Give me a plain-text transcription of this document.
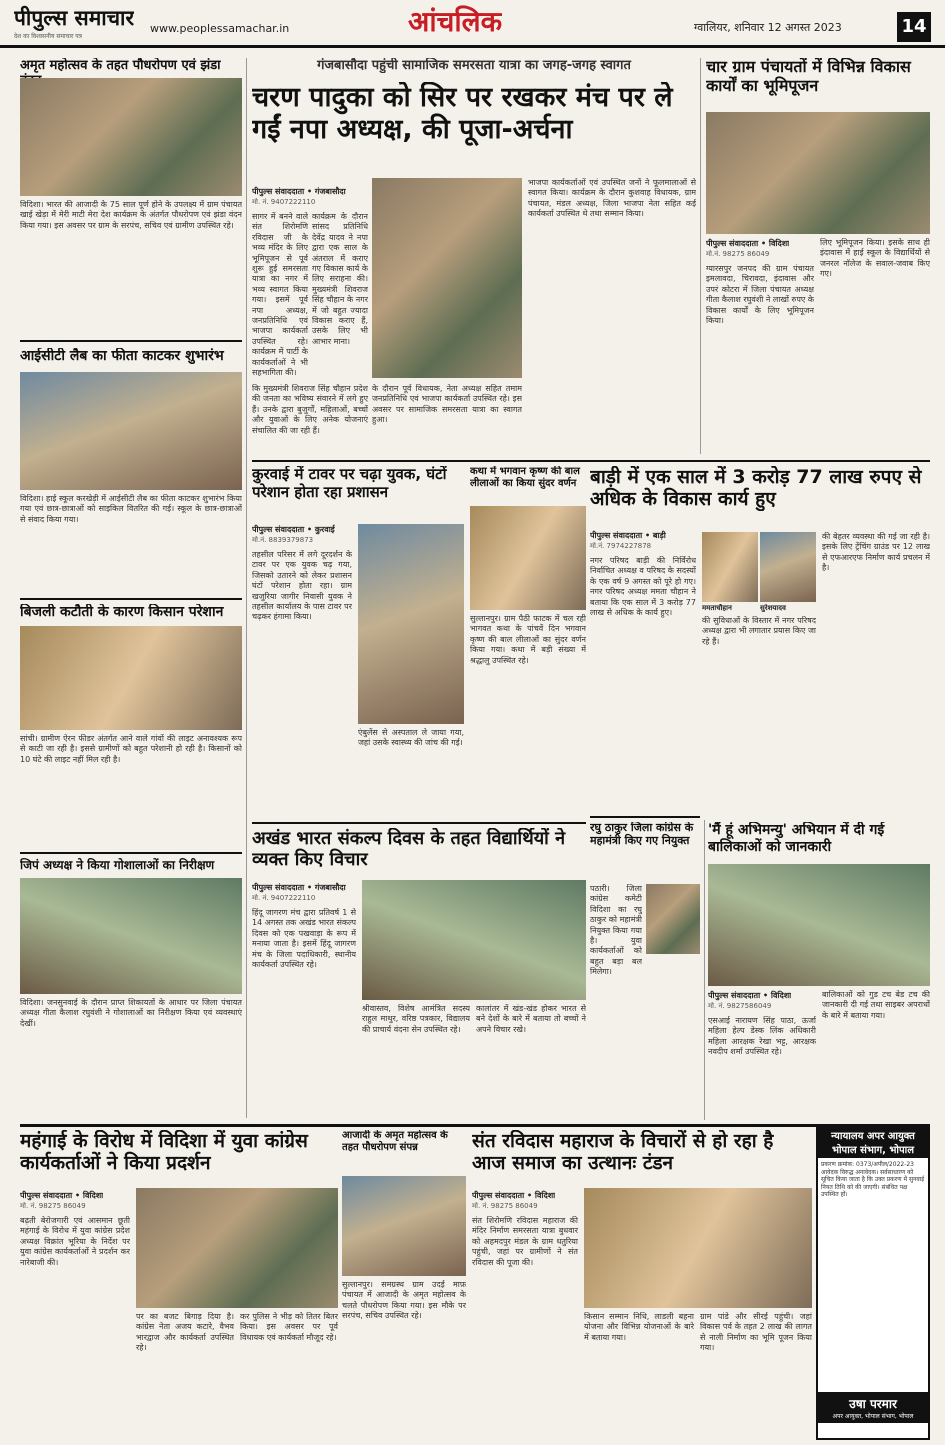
पीपुल्स समाचार
देश का विश्वसनीय समाचार पत्र
www.peoplessamachar.in	आंचलिक	ग्वालियर, शनिवार 12 अगस्त 2023	14
अमृत महोत्सव के तहत पौधरोपण एवं झंडा
विदिशा। भारत की आजादी के 75 साल पूर्ण होने के उपलक्ष्य में ग्राम पंचायत खाई खेड़ा में मेरी माटी मेरा देश कार्यक्रम के अंतर्गत पौधरोपण एवं झंडा वंदन किया गया। इस अवसर पर ग्राम के सरपंच, सचिव एवं ग्रामीण उपस्थित रहे।
आईसीटी लैब का फीता काटकर शुभारंभ
विदिशा। हाई स्कूल करखेड़ी में आईसीटी लैब का फीता काटकर शुभारंभ किया गया एवं छात्र-छात्राओं को साइकिल वितरित की गई। स्कूल के छात्र-छात्राओं से संवाद किया गया।
बिजली कटौती के कारण किसान परेशान
सांची। ग्रामीण ऐरन फीडर अंतर्गत आने वाले गांवों की लाइट अनावश्यक रूप से काटी जा रही है। इससे ग्रामीणों को बहुत परेशानी हो रही है। किसानों को 10 घंटे की लाइट नहीं मिल रही है।
जिपं अध्यक्ष ने किया गोशालाओं का निरीक्षण
विदिशा। जनसुनवाई के दौरान प्राप्त शिकायतों के आधार पर जिला पंचायत अध्यक्ष गीता कैलाश रघुवंशी ने गोशालाओं का निरीक्षण किया एवं व्यवस्थाएं देखीं।
गंजबासौदा पहुंची सामाजिक समरसता यात्रा का जगह-जगह स्वागत
चरण पादुका को सिर पर रखकर मंच पर ले गईं नपा अध्यक्ष, की पूजा-अर्चना
पीपुल्स संवाददाता • गंजबासौदा
मो. नं. 9407222110
सागर में बनने वाले संत शिरोमणि रविदास जी के भव्य मंदिर के लिए भूमिपूजन से पूर्व शुरू हुई समरसता यात्रा का नगर में भव्य स्वागत किया गया। इसमें पूर्व नपा अध्यक्ष, जनप्रतिनिधि एवं भाजपा कार्यकर्ता उपस्थित रहे। कार्यक्रम में पार्टी के कार्यकर्ताओं ने भी सहभागिता की।
कार्यक्रम के दौरान सांसद प्रतिनिधि देवेंद्र यादव ने नपा द्वारा एक साल के अंतराल में कराए गए विकास कार्य के लिए सराहना की। मुख्यमंत्री शिवराज सिंह चौहान के नगर में जो बहुत ज्यादा विकास कराए हैं, उसके लिए भी आभार माना।
कि मुख्यमंत्री शिवराज सिंह चौहान प्रदेश की जनता का भविष्य संवारने में लगे हुए हैं। उनके द्वारा बुजुर्गों, महिलाओं, बच्चों और युवाओं के लिए अनेक योजनाएं संचालित की जा रही हैं।
के दौरान पूर्व विधायक, नेता अध्यक्ष सहित तमाम जनप्रतिनिधि एवं भाजपा कार्यकर्ता उपस्थित रहे। इस अवसर पर सामाजिक समरसता यात्रा का स्वागत हुआ।
भाजपा कार्यकर्ताओं एवं उपस्थित जनों ने फूलमालाओं से स्वागत किया। कार्यक्रम के दौरान कुशवाह विधायक, ग्राम पंचायत, मंडल अध्यक्ष, जिला भाजपा नेता सहित कई कार्यकर्ता उपस्थित थे तथा सम्मान किया।
कुरवाई में टावर पर चढ़ा युवक, घंटों परेशान होता रहा प्रशासन
पीपुल्स संवाददाता • कुरवाई
मो.नं. 8839379873
तहसील परिसर में लगे दूरदर्शन के टावर पर एक युवक चढ़ गया, जिसको उतारने को लेकर प्रशासन घंटों परेशान होता रहा। ग्राम खजुरिया जागीर निवासी युवक ने तहसील कार्यालय के पास टावर पर चढ़कर हंगामा किया।
एंबुलेंस से अस्पताल ले जाया गया, जहां उसके स्वास्थ्य की जांच की गई।
कथा में भगवान कृष्ण की बाल लीलाओं का किया सुंदर वर्णन
सुल्तानपुर। ग्राम पैठी फाटक में चल रही भागवत कथा के पांचवें दिन भगवान कृष्ण की बाल लीलाओं का सुंदर वर्णन किया गया। कथा में बड़ी संख्या में श्रद्धालु उपस्थित रहे।
अखंड भारत संकल्प दिवस के तहत विद्यार्थियों ने व्यक्त किए विचार
पीपुल्स संवाददाता • गंजबासौदा
मो. नं. 9407222110
हिंदू जागरण मंच द्वारा प्रतिवर्ष 1 से 14 अगस्त तक अखंड भारत संकल्प दिवस को एक पखवाड़ा के रूप में मनाया जाता है। इसमें हिंदू जागरण मंच के जिला पदाधिकारी, स्थानीय कार्यकर्ता उपस्थित रहे।
श्रीवास्तव, विशेष आमंत्रित सदस्य राहुल माथुर, वरिष्ठ पत्रकार, विद्यालय की प्राचार्य वंदना सेन उपस्थित रहे।
कालांतर में खंड-खंड होकर भारत से बने देशों के बारे में बताया तो बच्चों ने अपने विचार रखे।
चार ग्राम पंचायतों में विभिन्न विकास कार्यों का भूमिपूजन
पीपुल्स संवाददाता • विदिशा
मो.नं. 98275 86049
ग्यारसपुर जनपद की ग्राम पंचायत इमलावदा, चिरावदा, इंदावास और उपरं कोटरा में जिला पंचायत अध्यक्ष गीता कैलाश रघुवंशी ने लाखों रुपए के विकास कार्यों के लिए भूमिपूजन किया।
लिए भूमिपूजन किया। इसके साथ ही इंदावास में हाई स्कूल के विद्यार्थियों से जनरल नॉलेज के सवाल-जवाब किए गए।
बाड़ी में एक साल में 3 करोड़ 77 लाख रुपए से अधिक के विकास कार्य हुए
पीपुल्स संवाददाता • बाड़ी
मो.नं. 7974227878
नगर परिषद बाड़ी की निर्विरोध निर्वाचित अध्यक्ष व परिषद के सदस्यों के एक वर्ष 9 अगस्त को पूरे हो गए। नगर परिषद अध्यक्ष ममता चौहान ने बताया कि एक साल में 3 करोड़ 77 लाख से अधिक के कार्य हुए।
ममताचौहान	सुरेशयादव
की सुविधाओं के विस्तार में नगर परिषद अध्यक्ष द्वारा भी लगातार प्रयास किए जा रहे हैं।
की बेहतर व्यवस्था की गई जा रही है। इसके लिए ट्रेंचिंग ग्राउंड पर 12 लाख से एफआरएफ निर्माण कार्य प्रचलन में है।
रघु ठाकुर जिला कांग्रेस के महामंत्री किए गए नियुक्त
पठारी। जिला कांग्रेस कमेटी विदिशा का रघु ठाकुर को महामंत्री नियुक्त किया गया है। युवा कार्यकर्ताओं को बहुत बड़ा बल मिलेगा।
'मैं हूं अभिमन्यु' अभियान में दी गई बालिकाओं को जानकारी
पीपुल्स संवाददाता • विदिशा
मो. नं. 9827586049
एसआई नारायण सिंह पाठा, ऊर्जा महिला हेल्प डेस्क लिंक अधिकारी महिला आरक्षक रेखा भट्ट, आरक्षक नवदीप शर्मा उपस्थित रहे।
बालिकाओं को गुड टच बेड टच की जानकारी दी गई तथा साइबर अपराधों के बारे में बताया गया।
महंगाई के विरोध में विदिशा में युवा कांग्रेस कार्यकर्ताओं ने किया प्रदर्शन
पीपुल्स संवाददाता • विदिशा
मो. नं. 98275 86049
बढ़ती बेरोजगारी एवं आसमान छूती महंगाई के विरोध में युवा कांग्रेस प्रदेश अध्यक्ष विक्रांत भूरिया के निर्देश पर युवा कांग्रेस कार्यकर्ताओं ने प्रदर्शन कर नारेबाजी की।
पर का बजट बिगाड़ दिया है। कांग्रेस नेता अजय कटारे, वैभव भारद्वाज और कार्यकर्ता उपस्थित रहे।
कर पुलिस ने भीड़ को तितर बितर किया। इस अवसर पर पूर्व विधायक एवं कार्यकर्ता मौजूद रहे।
आजादी के अमृत महोत्सव के तहत पौधरोपण संपन्न
सुल्तानपुर। समग्रस्थ ग्राम उदई माफ़ पंचायत में आजादी के अमृत महोत्सव के चलते पौधरोपण किया गया। इस मौके पर सरपंच, सचिव उपस्थित रहे।
संत रविदास महाराज के विचारों से हो रहा है आज समाज का उत्थानः टंडन
पीपुल्स संवाददाता • विदिशा
मो. नं. 98275 86049
संत शिरोमणि रविदास महाराज की मंदिर निर्माण समरसता यात्रा बुधवार को अहमदपुर मंडल के ग्राम धतुरिया पहुंची, जहां पर ग्रामीणों ने संत रविदास की पूजा की।
किसान सम्मान निधि, लाडली बहना योजना और विभिन्न योजनाओं के बारे में बताया गया।
ग्राम पांडे और सीरई पहुंची। जहां विकास पर्व के तहत 2 लाख की लागत से नाली निर्माण का भूमि पूजन किया गया।
न्यायालय अपर आयुक्त भोपाल संभाग, भोपाल
प्रकरण क्रमांक: 0373/अपील/2022-23 आवेदक विरुद्ध अनावेदक। सर्वसाधारण को सूचित किया जाता है कि उक्त प्रकरण में सुनवाई नियत तिथि को की जाएगी। संबंधित पक्ष उपस्थित हों।
उषा परमार
अपर आयुक्त, भोपाल संभाग, भोपाल
